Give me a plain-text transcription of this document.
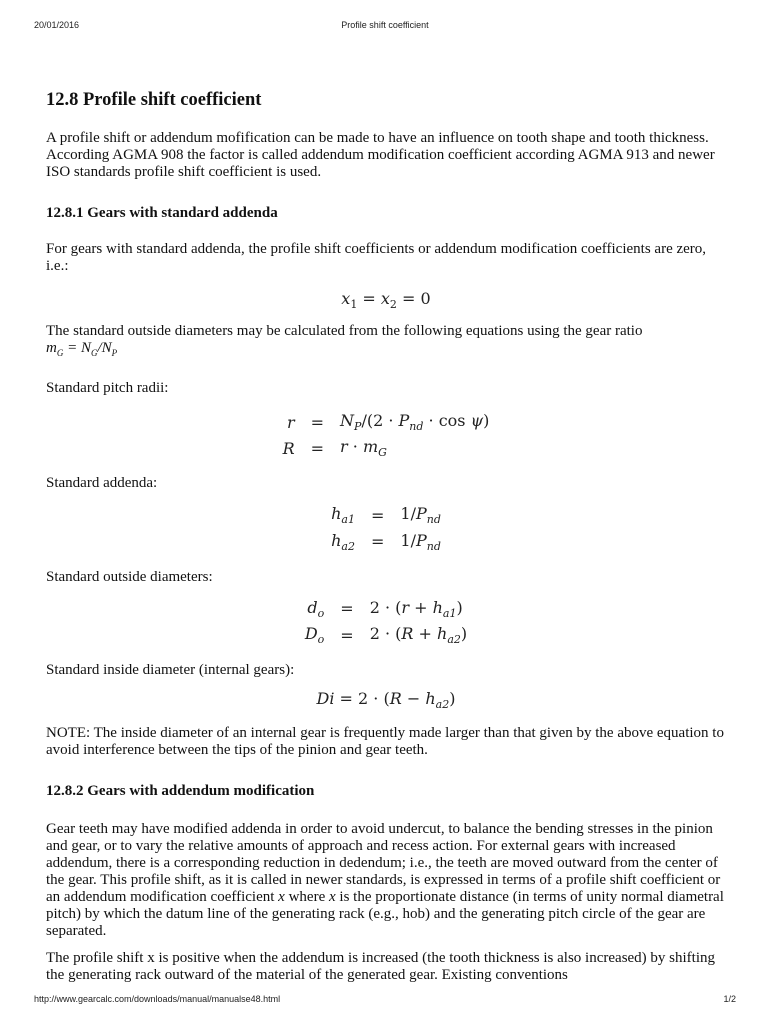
20/01/2016	Profile shift coefficient
12.8 Profile shift coefficient

A profile shift or addendum mofification can be made to have an influence on tooth shape and tooth thickness. According AGMA 908 the factor is called addendum modification coefficient according AGMA 913 and newer ISO standards profile shift coefficient is used.

12.8.1 Gears with standard addenda

For gears with standard addenda, the profile shift coefficients or addendum modification coefficients are zero, i.e.:

$x_1 = x_2 = 0$

The standard outside diameters may be calculated from the following equations using the gear ratio
$m_G = N_G/N_P$

Standard pitch radii:

r	=	$N_P/(2 \cdot P_{nd} \cdot \cos \psi)$
R	=	$r \cdot m_G$

Standard addenda:

$h_{a1}$	=	$1/P_{nd}$
$h_{a2}$	=	$1/P_{nd}$

Standard outside diameters:

$d_o$	=	$2 \cdot (r + h_{a1})$
$D_o$	=	$2 \cdot (R + h_{a2})$

Standard inside diameter (internal gears):

$Di = 2 \cdot (R - h_{a2})$

NOTE: The inside diameter of an internal gear is frequently made larger than that given by the above equation to avoid interference between the tips of the pinion and gear teeth.

12.8.2 Gears with addendum modification

Gear teeth may have modified addenda in order to avoid undercut, to balance the bending stresses in the pinion and gear, or to vary the relative amounts of approach and recess action. For external gears with increased addendum, there is a corresponding reduction in dedendum; i.e., the teeth are moved outward from the center of the gear. This profile shift, as it is called in newer standards, is expressed in terms of a profile shift coefficient or an addendum modification coefficient x where x is the proportionate distance (in terms of unity normal diametral pitch) by which the datum line of the generating rack (e.g., hob) and the generating pitch circle of the gear are separated.

The profile shift x is positive when the addendum is increased (the tooth thickness is also increased) by shifting the generating rack outward of the material of the generated gear. Existing conventions

http://www.gearcalc.com/downloads/manual/manualse48.html	1/2
